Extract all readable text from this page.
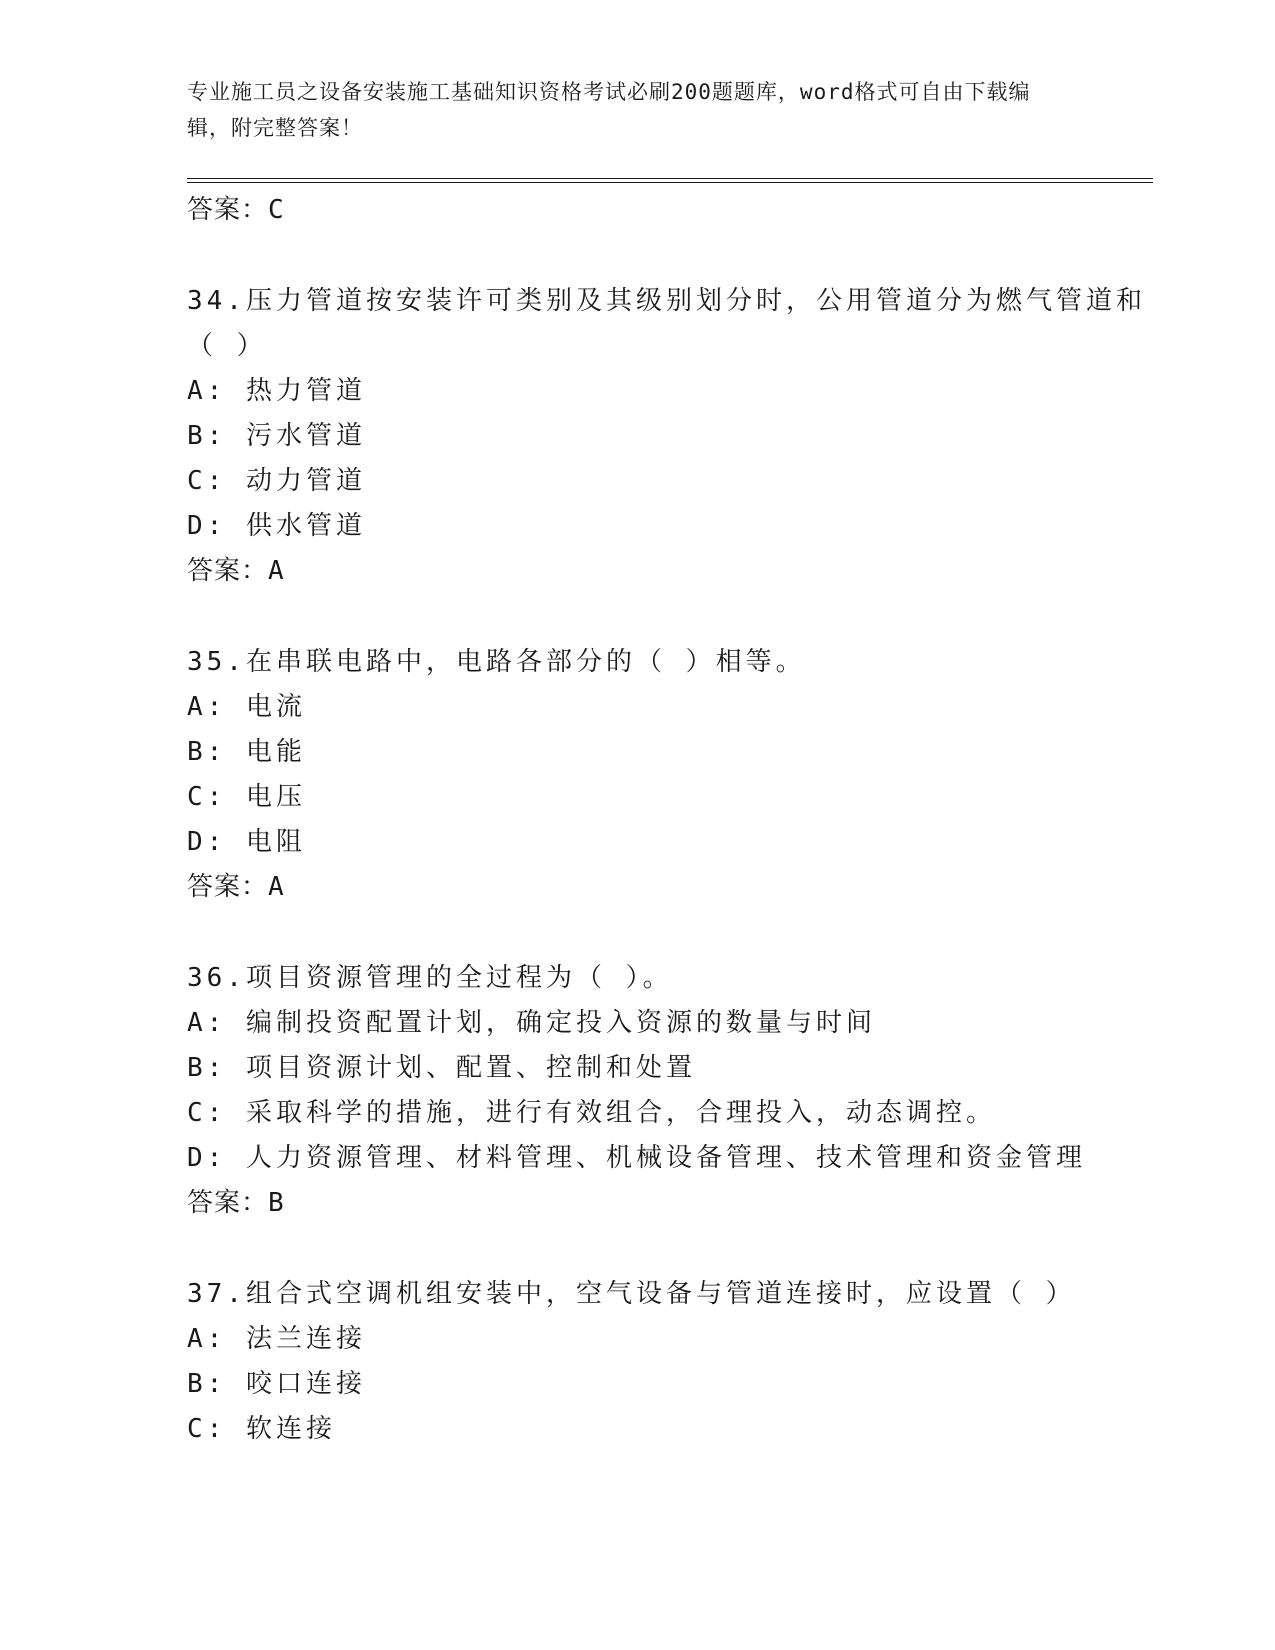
专业施工员之设备安装施工基础知识资格考试必刷200题题库，word格式可自由下载编辑，附完整答案！
答案：C
34.压力管道按安装许可类别及其级别划分时，公用管道分为燃气管道和（ ）
A: 热力管道
B: 污水管道
C: 动力管道
D: 供水管道
答案：A
35.在串联电路中，电路各部分的（ ）相等。
A: 电流
B: 电能
C: 电压
D: 电阻
答案：A
36.项目资源管理的全过程为（ ）。
A: 编制投资配置计划，确定投入资源的数量与时间
B: 项目资源计划、配置、控制和处置
C: 采取科学的措施，进行有效组合，合理投入，动态调控。
D: 人力资源管理、材料管理、机械设备管理、技术管理和资金管理
答案：B
37.组合式空调机组安装中，空气设备与管道连接时，应设置（ ）
A: 法兰连接
B: 咬口连接
C: 软连接
